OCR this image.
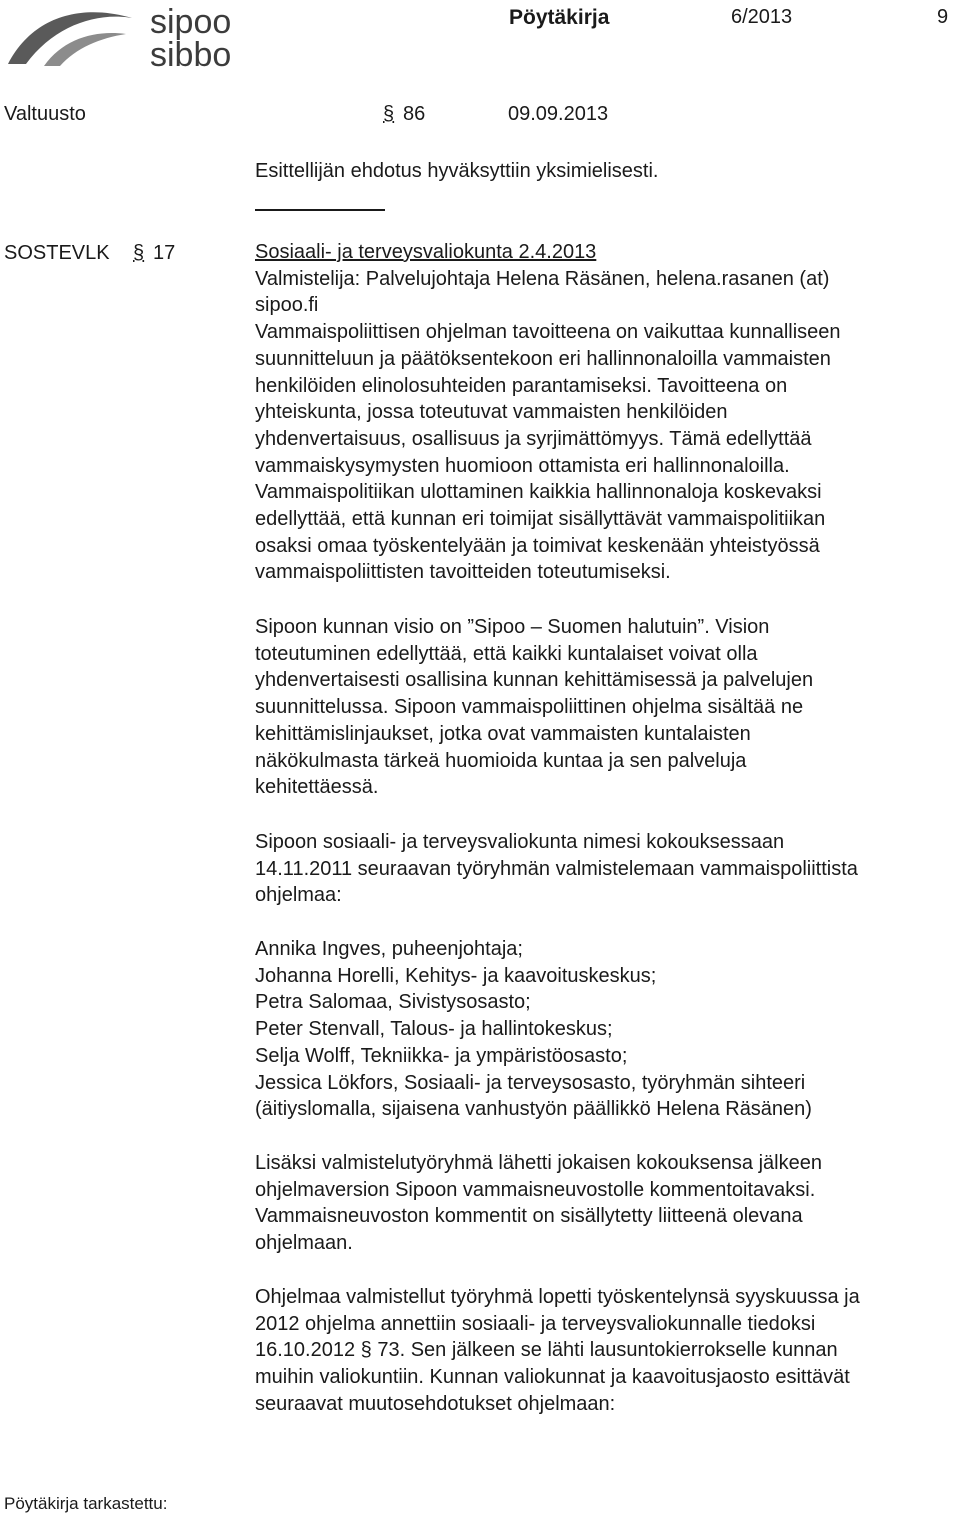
sipoo
sibbo
Pöytäkirja	6/2013	9
Valtuusto	§ 86	09.09.2013
Esittellijän ehdotus hyväksyttiin yksimielisesti.
SOSTEVLK § 17	Sosiaali- ja terveysvaliokunta 2.4.2013
Valmistelija: Palvelujohtaja Helena Räsänen, helena.rasanen (at)
sipoo.fi
Vammaispoliittisen ohjelman tavoitteena on vaikuttaa kunnalliseen
suunnitteluun ja päätöksentekoon eri hallinnonaloilla vammaisten
henkilöiden elinolosuhteiden parantamiseksi. Tavoitteena on
yhteiskunta, jossa toteutuvat vammaisten henkilöiden
yhdenvertaisuus, osallisuus ja syrjimättömyys. Tämä edellyttää
vammaiskysymysten huomioon ottamista eri hallinnonaloilla.
Vammaispolitiikan ulottaminen kaikkia hallinnonaloja koskevaksi
edellyttää, että kunnan eri toimijat sisällyttävät vammaispolitiikan
osaksi omaa työskentelyään ja toimivat keskenään yhteistyössä
vammaispoliittisten tavoitteiden toteutumiseksi.
Sipoon kunnan visio on ”Sipoo – Suomen halutuin”. Vision
toteutuminen edellyttää, että kaikki kuntalaiset voivat olla
yhdenvertaisesti osallisina kunnan kehittämisessä ja palvelujen
suunnittelussa. Sipoon vammaispoliittinen ohjelma sisältää ne
kehittämislinjaukset, jotka ovat vammaisten kuntalaisten
näkökulmasta tärkeä huomioida kuntaa ja sen palveluja
kehitettäessä.
Sipoon sosiaali- ja terveysvaliokunta nimesi kokouksessaan
14.11.2011 seuraavan työryhmän valmistelemaan vammaispoliittista
ohjelmaa:
Annika Ingves, puheenjohtaja;
Johanna Horelli, Kehitys- ja kaavoituskeskus;
Petra Salomaa, Sivistysosasto;
Peter Stenvall, Talous- ja hallintokeskus;
Selja Wolff, Tekniikka- ja ympäristöosasto;
Jessica Lökfors, Sosiaali- ja terveysosasto, työryhmän sihteeri
(äitiyslomalla, sijaisena vanhustyön päällikkö Helena Räsänen)
Lisäksi valmistelutyöryhmä lähetti jokaisen kokouksensa jälkeen
ohjelmaversion Sipoon vammaisneuvostolle kommentoitavaksi.
Vammaisneuvoston kommentit on sisällytetty liitteenä olevana
ohjelmaan.
Ohjelmaa valmistellut työryhmä lopetti työskentelynsä syyskuussa ja
2012 ohjelma annettiin sosiaali- ja terveysvaliokunnalle tiedoksi
16.10.2012 § 73. Sen jälkeen se lähti lausuntokierrokselle kunnan
muihin valiokuntiin. Kunnan valiokunnat ja kaavoitusjaosto esittävät
seuraavat muutosehdotukset ohjelmaan:
Pöytäkirja tarkastettu:
